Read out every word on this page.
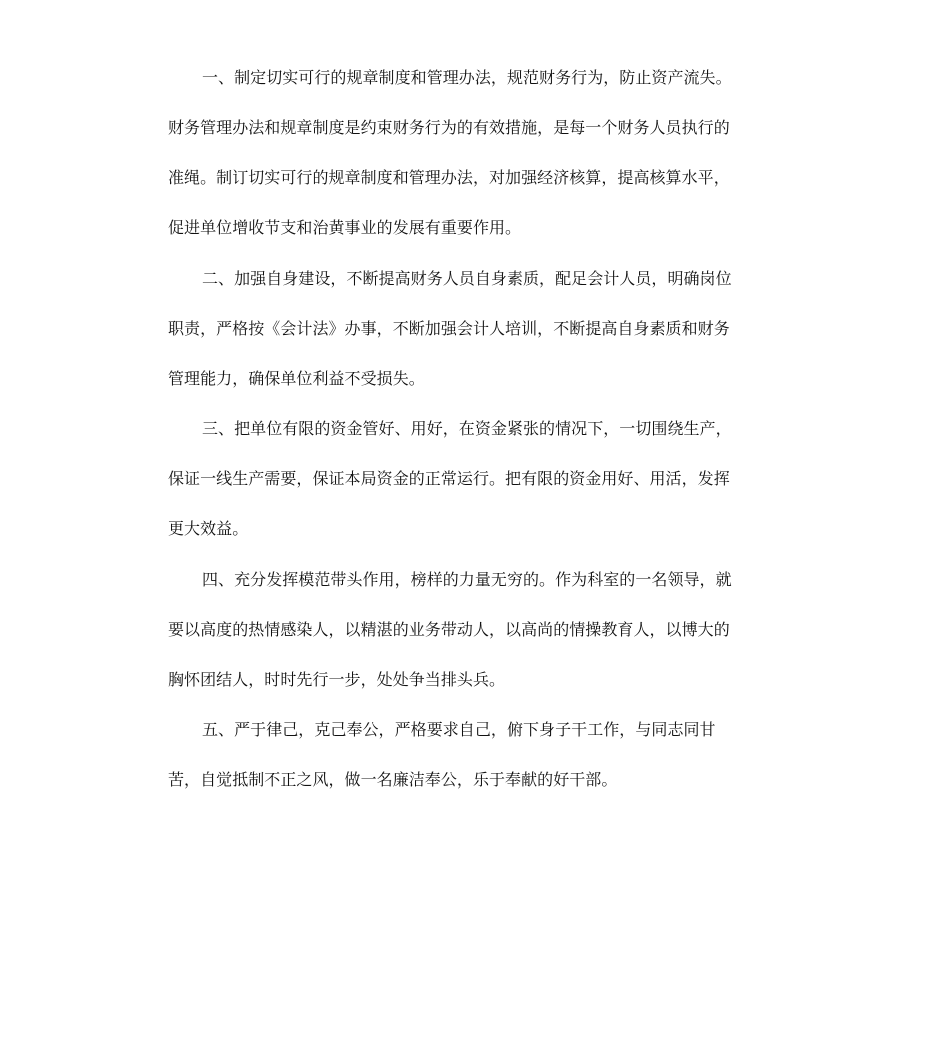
一、制定切实可行的规章制度和管理办法，规范财务行为，防止资产流失。
财务管理办法和规章制度是约束财务行为的有效措施，是每一个财务人员执行的
准绳。制订切实可行的规章制度和管理办法，对加强经济核算，提高核算水平，
促进单位增收节支和治黄事业的发展有重要作用。
二、加强自身建设，不断提高财务人员自身素质，配足会计人员，明确岗位
职责，严格按《会计法》办事，不断加强会计人培训，不断提高自身素质和财务
管理能力，确保单位利益不受损失。
三、把单位有限的资金管好、用好，在资金紧张的情况下，一切围绕生产，
保证一线生产需要，保证本局资金的正常运行。把有限的资金用好、用活，发挥
更大效益。
四、充分发挥模范带头作用，榜样的力量无穷的。作为科室的一名领导，就
要以高度的热情感染人，以精湛的业务带动人，以高尚的情操教育人，以博大的
胸怀团结人，时时先行一步，处处争当排头兵。
五、严于律己，克己奉公，严格要求自己，俯下身子干工作，与同志同甘
苦，自觉抵制不正之风，做一名廉洁奉公，乐于奉献的好干部。
